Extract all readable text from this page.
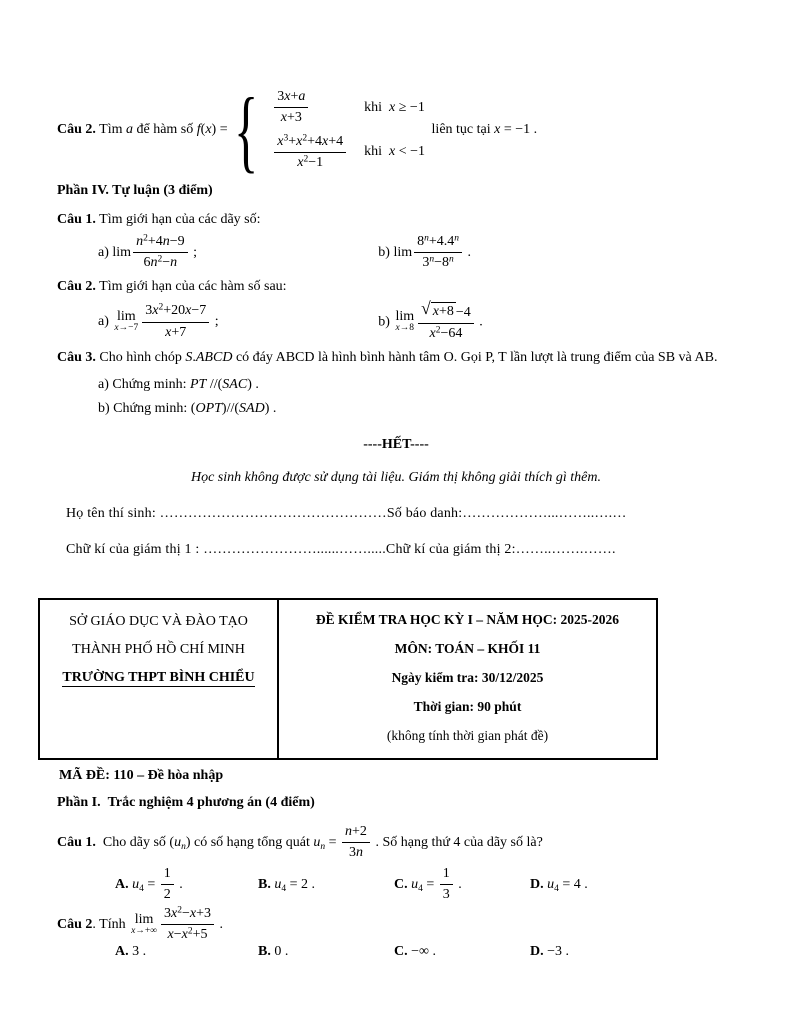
Câu 2. Tìm a để hàm số f(x) = { $\frac{3x+a}{x+3}$	khi  x ≥ −1
$\frac{x^3+x^2+4x+4}{x^2-1}$ khi  x < −1
liên tục tại x = −1 .

Phần IV. Tự luận (3 điểm)

Câu 1. Tìm giới hạn của các dãy số:

a) $\lim \frac{n^2+4n-9}{6n^2-n}$ ;	b) $\lim \frac{8^n+4.4^n}{3^n-8^n}$ .

Câu 2. Tìm giới hạn của các hàm số sau:

a) lim
$x\to-7 \frac{3x^2+20x-7}{x+7}$ ;	b) lim
$x\to 8 \frac{√ x+8 -4}{x^2-64}$ .

Câu 3. Cho hình chóp S.ABCD có đáy ABCD là hình bình hành tâm O. Gọi P, T lần lượt là trung điểm của SB và AB.

a) Chứng minh: PT //(SAC) .

b) Chứng minh: (OPT)//(SAD) .

----HẾT----

Học sinh không được sử dụng tài liệu. Giám thị không giải thích gì thêm.

Họ tên thí sinh: …………………………………………Số báo danh:………………...……..….…

Chữ kí của giám thị 1 : ……………………......…….....Chữ kí của giám thị 2:……..…….…….

SỞ GIÁO DỤC VÀ ĐÀO TẠO
THÀNH PHỐ HỒ CHÍ MINH
TRƯỜNG THPT BÌNH CHIỂU

ĐỀ KIỂM TRA HỌC KỲ I – NĂM HỌC: 2025-2026
MÔN: TOÁN – KHỐI 11
Ngày kiểm tra: 30/12/2025
Thời gian: 90 phút
(không tính thời gian phát đề)

MÃ ĐỀ: 110 – Đề hòa nhập

Phần I. Trắc nghiệm 4 phương án (4 điểm)

Câu 1. Cho dãy số $(u_n)$ có số hạng tổng quát $u_n = \frac{n+2}{3n}$ . Số hạng thứ 4 của dãy số là?

A. $u_4 = \frac{1}{2}$ .	B. $u_4 = 2$ .	C. $u_4 = \frac{1}{3}$ .	D. $u_4 = 4$ .

Câu 2. Tính lim
$x\to+\infty \frac{3x^2-x+3}{x-x^2+5}$ .

A. 3 .	B. 0 .	C. −∞ .	D. −3 .
